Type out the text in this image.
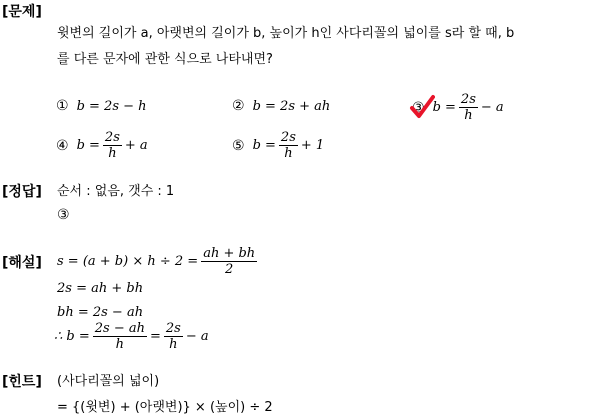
[문제]
윗변의 길이가 a, 아랫변의 길이가 b, 높이가 h인 사다리꼴의 넓이를 s라 할 때, b
를 다른 문자에 관한 식으로 나타내면?
① b = 2s − h	② b = 2s + ah	③ $b = \frac{2s}{h} - a$
④ $b = \frac{2s}{h} + a$	⑤ $b = \frac{2s}{h} + 1$
[정답] 순서 : 없음, 갯수 : 1
③
[해설] $s = (a + b) \times h \div 2 = \frac{ah + bh}{2}$
2s = ah + bh
bh = 2s − ah
∴ $b = \frac{2s - ah}{h} = \frac{2s}{h} - a$
[힌트] (사다리꼴의 넓이)
= {(윗변) + (아랫변)} × (높이) ÷ 2
